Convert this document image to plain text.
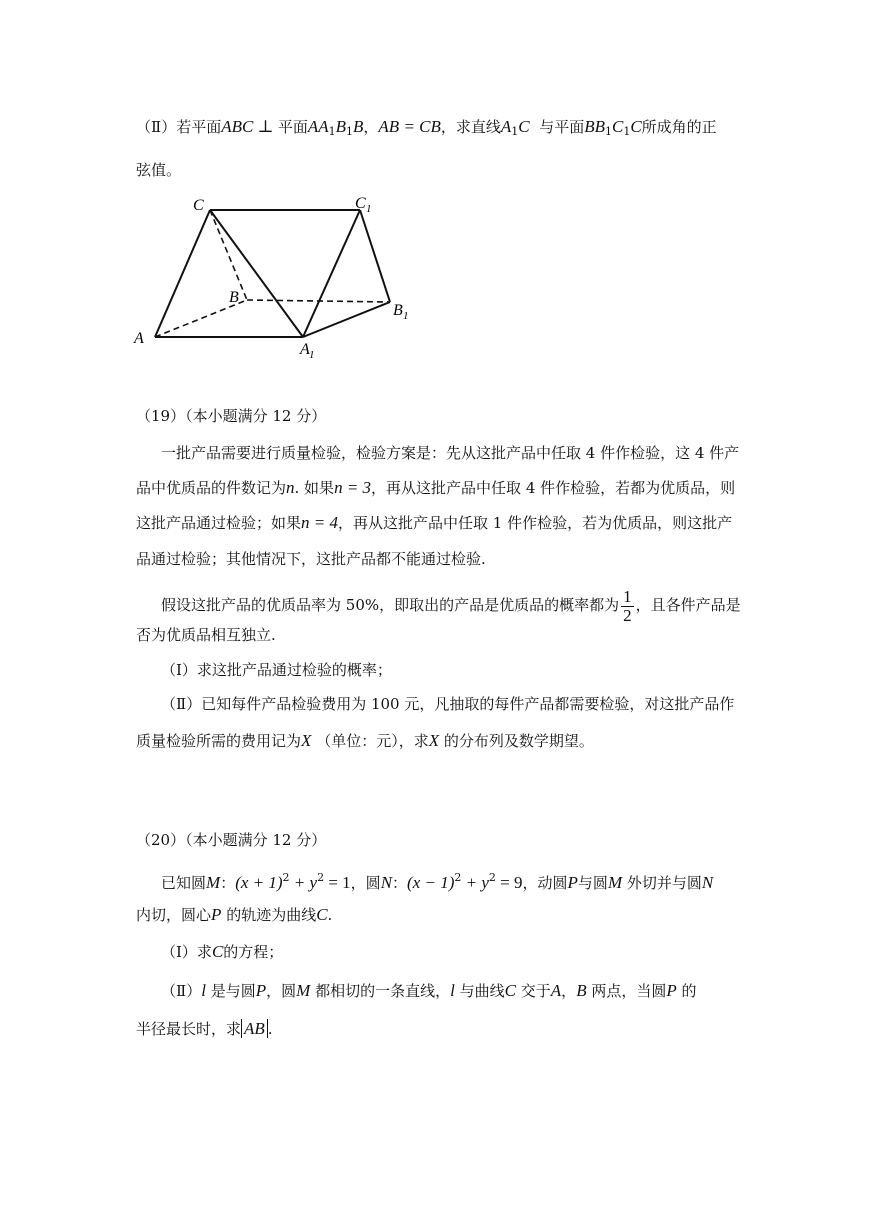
（Ⅱ）若平面ABC ⊥ 平面$AA_1B_1B$，AB = CB，求直线$A_1C$ 与平面$BB_1C_1C$所成角的正
弦值。
C	C 1
B
B 1
A
A 1
（19）（本小题满分 12 分）
一批产品需要进行质量检验，检验方案是：先从这批产品中任取 4 件作检验，这 4 件产
品中优质品的件数记为n. 如果n = 3，再从这批产品中任取 4 件作检验，若都为优质品，则
这批产品通过检验；如果n = 4，再从这批产品中任取 1 件作检验，若为优质品，则这批产
品通过检验；其他情况下，这批产品都不能通过检验.
假设这批产品的优质品率为 50%，即取出的产品是优质品的概率都为 $\frac{1}{2}$ ，且各件产品是
否为优质品相互独立.
（Ⅰ）求这批产品通过检验的概率；
（Ⅱ）已知每件产品检验费用为 100 元，凡抽取的每件产品都需要检验，对这批产品作
质量检验所需的费用记为X （单位：元），求X 的分布列及数学期望。
（20）（本小题满分 12 分）
已知圆M：$(x + 1)^2 + y^2 = 1$，圆N：$(x - 1)^2 + y^2 = 9$，动圆P与圆M 外切并与圆N
内切，圆心P 的轨迹为曲线C.
（Ⅰ）求C的方程；
（Ⅱ）l 是与圆P，圆M 都相切的一条直线，l 与曲线C 交于A，B 两点，当圆P 的
半径最长时，求 AB .
